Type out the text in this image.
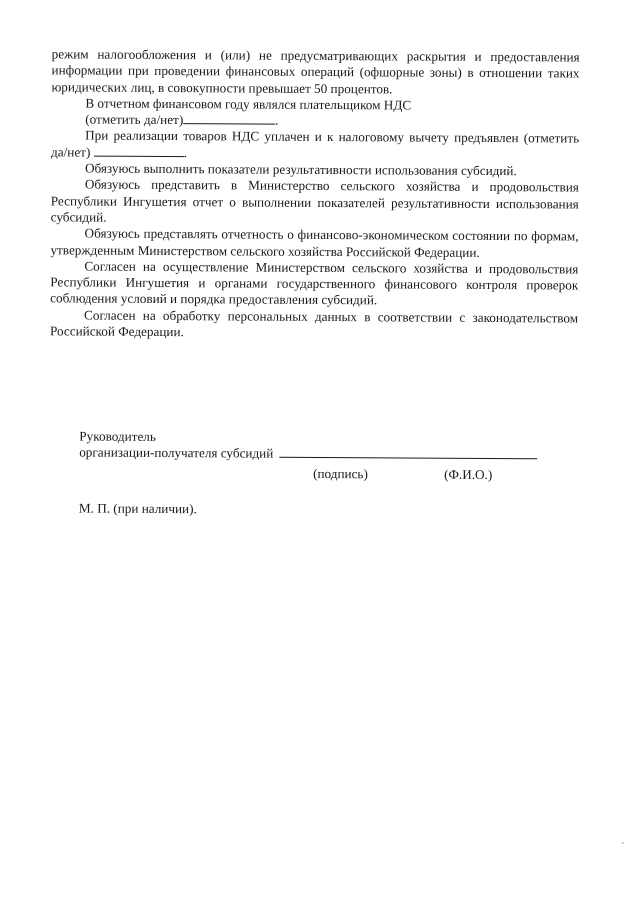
режим налогообложения и (или) не предусматривающих раскрытия и предоставления информации при проведении финансовых операций (офшорные зоны) в отношении таких юридических лиц, в совокупности превышает 50 процентов.

В отчетном финансовом году являлся плательщиком НДС

(отметить да/нет)	.

При реализации товаров НДС уплачен и к налоговому вычету предъявлен (отметить да/нет)	.

Обязуюсь выполнить показатели результативности использования субсидий.

Обязуюсь представить в Министерство сельского хозяйства и продовольствия Республики Ингушетия отчет о выполнении показателей результативности использования субсидий.

Обязуюсь представлять отчетность о финансово-экономическом состоянии по формам, утвержденным Министерством сельского хозяйства Российской Федерации.

Согласен на осуществление Министерством сельского хозяйства и продовольствия Республики Ингушетия и органами государственного финансового контроля проверок соблюдения условий и порядка предоставления субсидий.

Согласен на обработку персональных данных в соответствии с законодательством Российской Федерации.

Руководитель
организации-получателя субсидий
(подпись)	(Ф.И.О.)
М. П. (при наличии).
